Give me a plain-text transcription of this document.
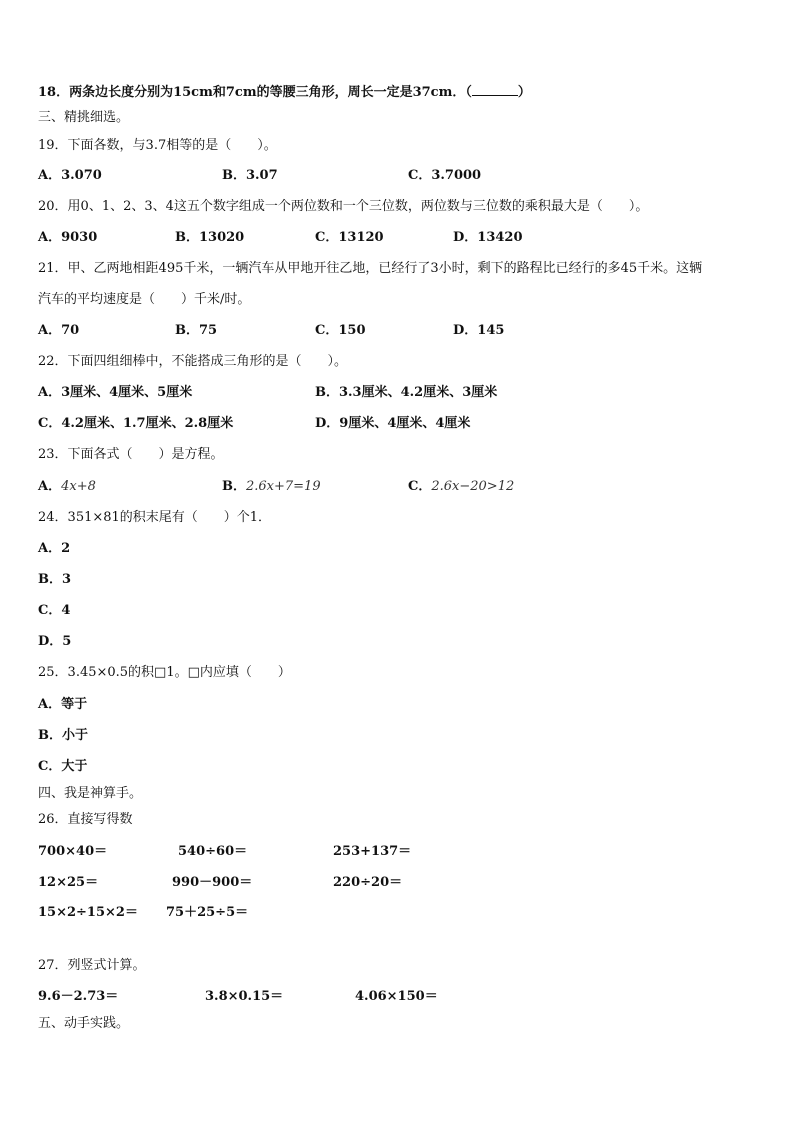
18．两条边长度分别为15cm和7cm的等腰三角形，周长一定是37cm．（	）
三、精挑细选。
19．下面各数，与3.7相等的是（　　）。
A．3.070	B．3.07	C．3.7000
20．用0、1、2、3、4这五个数字组成一个两位数和一个三位数，两位数与三位数的乘积最大是（　　）。
A．9030	B．13020	C．13120	D．13420
21．甲、乙两地相距495千米，一辆汽车从甲地开往乙地，已经行了3小时，剩下的路程比已经行的多45千米。这辆
汽车的平均速度是（　　）千米/时。
A．70	B．75	C．150	D．145
22．下面四组细棒中，不能搭成三角形的是（　　）。
A．3厘米、4厘米、5厘米	B．3.3厘米、4.2厘米、3厘米
C．4.2厘米、1.7厘米、2.8厘米	D．9厘米、4厘米、4厘米
23．下面各式（　　）是方程。
A．4x+8	B．2.6x+7=19	C．2.6x−20>12
24．351×81的积末尾有（　　）个1．
A．2
B．3
C．4
D．5
25．3.45×0.5的积□1。□内应填（　　）
A．等于
B．小于
C．大于
四、我是神算手。
26．直接写得数
700×40＝	540÷60＝	253+137＝
12×25＝	990－900＝	220÷20＝
15×2÷15×2＝ 75＋25÷5＝
27．列竖式计算。
9.6－2.73＝	3.8×0.15＝	4.06×150＝
五、动手实践。
